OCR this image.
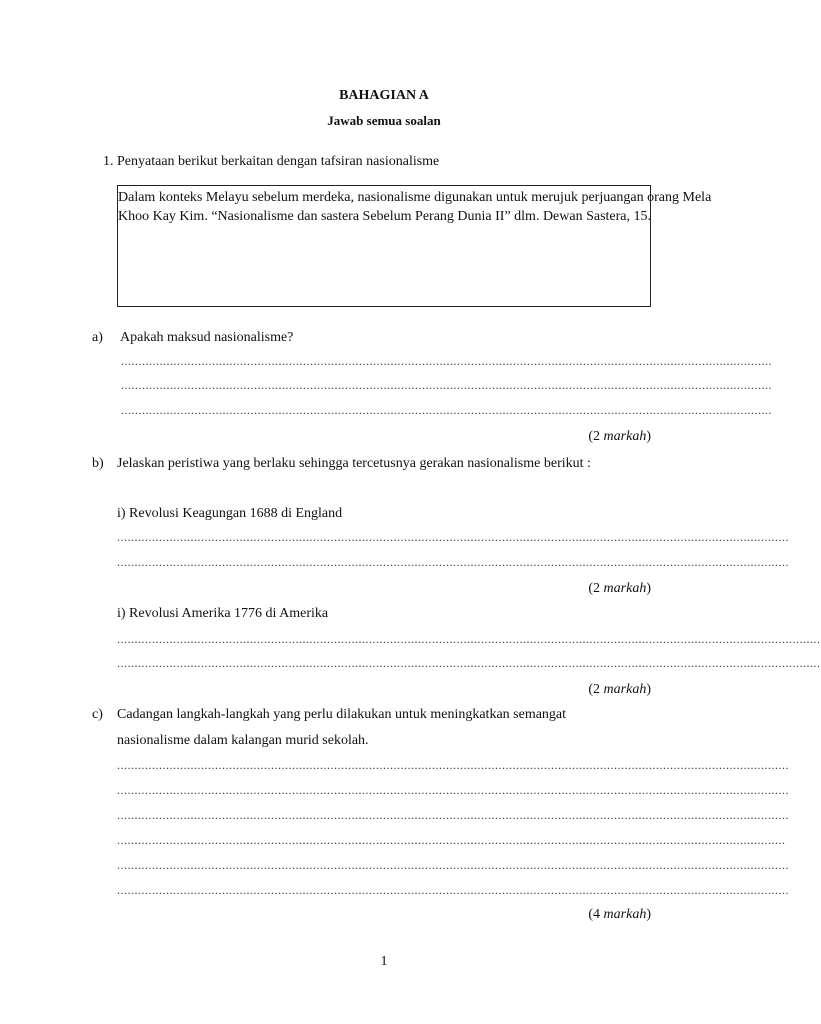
BAHAGIAN A
Jawab semua soalan
1. Penyataan berikut berkaitan dengan tafsiran nasionalisme
Dalam konteks Melayu sebelum merdeka, nasionalisme digunakan untuk merujuk perjuangan orang Mela
Khoo Kay Kim. “Nasionalisme dan sastera Sebelum Perang Dunia II” dlm. Dewan Sastera, 15.
a) Apakah maksud nasionalisme?
..........................................................................................................................................................................................
..........................................................................................................................................................................................
..........................................................................................................................................................................................
(2 markah)
b) Jelaskan peristiwa yang berlaku sehingga tercetusnya gerakan nasionalisme berikut :
i) Revolusi Keagungan 1688 di England
................................................................................................................................................................................................
................................................................................................................................................................................................
(2 markah)
i) Revolusi Amerika 1776 di Amerika
.........................................................................................................................................................................................................
.........................................................................................................................................................................................................
(2 markah)
c) Cadangan langkah-langkah yang perlu dilakukan untuk meningkatkan semangat
nasionalisme dalam kalangan murid sekolah.
................................................................................................................................................................................................
................................................................................................................................................................................................
................................................................................................................................................................................................
...............................................................................................................................................................................................
................................................................................................................................................................................................
................................................................................................................................................................................................
(4 markah)
1
